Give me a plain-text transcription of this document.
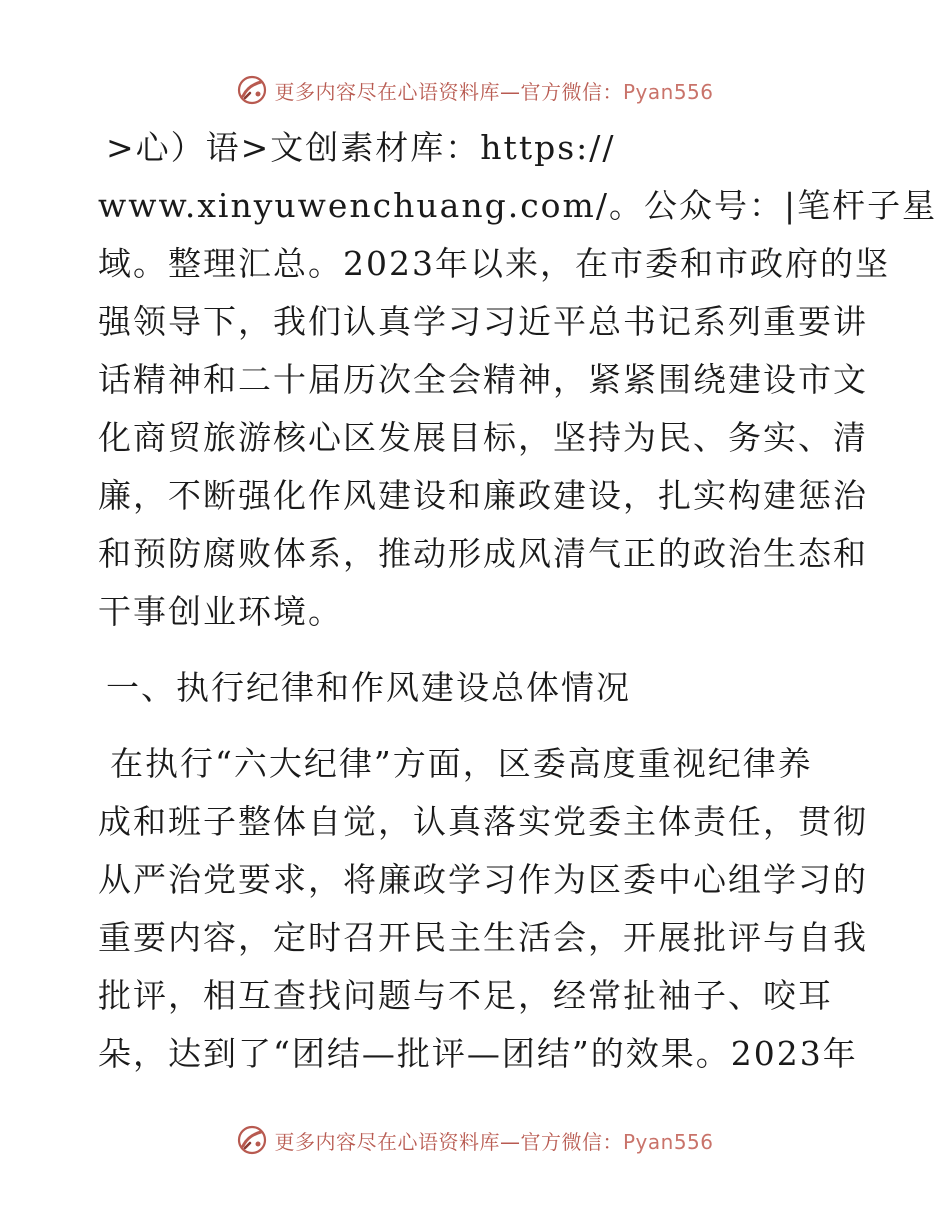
更多内容尽在心语资料库—官方微信：Pyan556
>心）语>文创素材库：https://
www.xinyuwenchuang.com/。公众号：|笔杆子星
域。整理汇总。2023年以来，在市委和市政府的坚
强领导下，我们认真学习习近平总书记系列重要讲
话精神和二十届历次全会精神，紧紧围绕建设市文
化商贸旅游核心区发展目标，坚持为民、务实、清
廉，不断强化作风建设和廉政建设，扎实构建惩治
和预防腐败体系，推动形成风清气正的政治生态和
干事创业环境。
一、执行纪律和作风建设总体情况
在执行“六大纪律”方面，区委高度重视纪律养
成和班子整体自觉，认真落实党委主体责任，贯彻
从严治党要求，将廉政学习作为区委中心组学习的
重要内容，定时召开民主生活会，开展批评与自我
批评，相互查找问题与不足，经常扯袖子、咬耳
朵，达到了“团结—批评—团结”的效果。2023年
更多内容尽在心语资料库—官方微信：Pyan556
